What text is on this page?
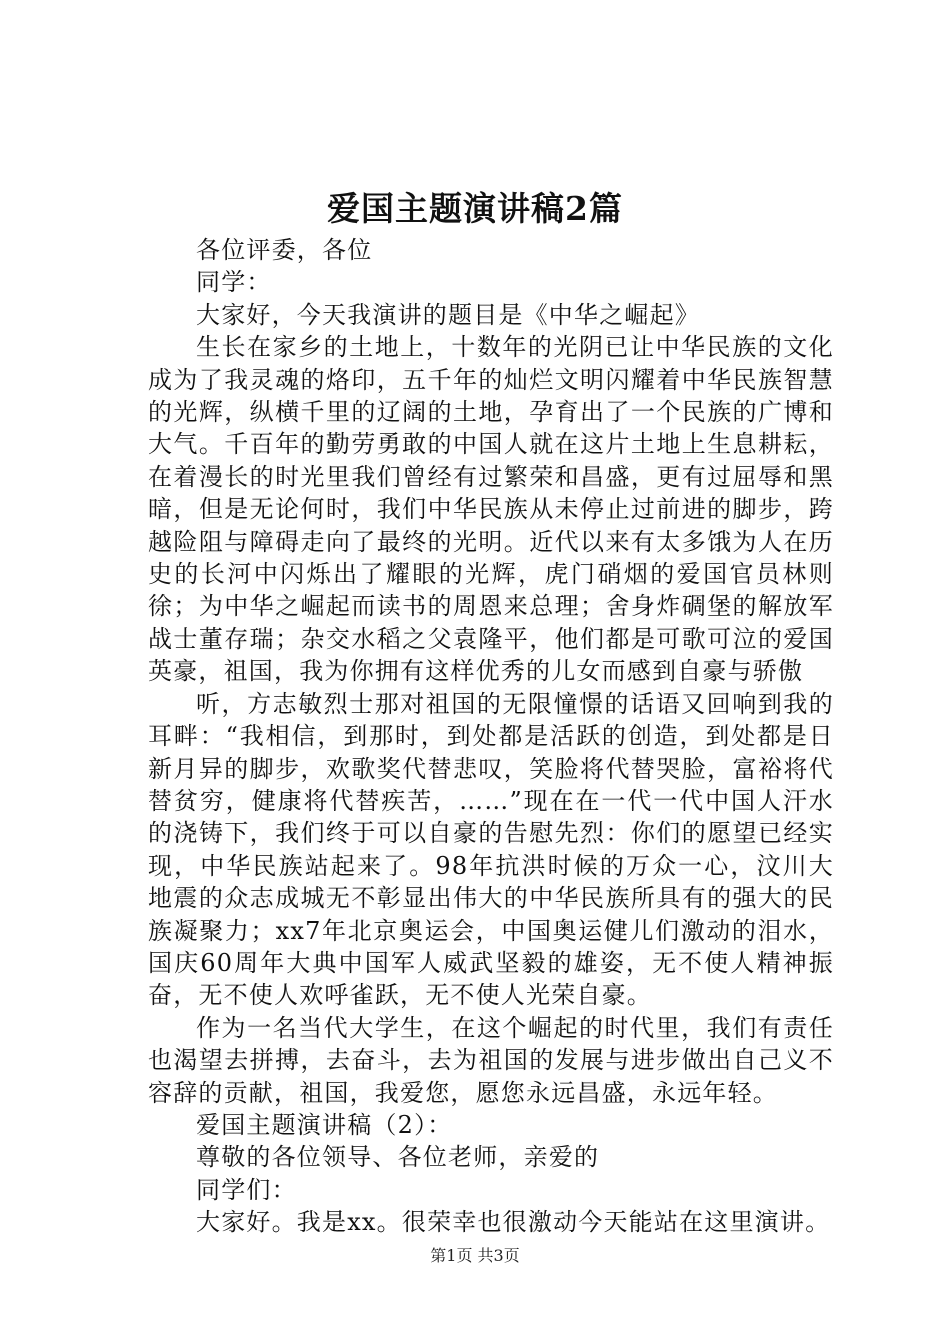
爱国主题演讲稿2篇

各位评委，各位

同学：

大家好，今天我演讲的题目是《中华之崛起》

生长在家乡的土地上，十数年的光阴已让中华民族的文化成为了我灵魂的烙印，五千年的灿烂文明闪耀着中华民族智慧的光辉，纵横千里的辽阔的土地，孕育出了一个民族的广博和大气。千百年的勤劳勇敢的中国人就在这片土地上生息耕耘，在着漫长的时光里我们曾经有过繁荣和昌盛，更有过屈辱和黑暗，但是无论何时，我们中华民族从未停止过前进的脚步，跨越险阻与障碍走向了最终的光明。近代以来有太多饿为人在历史的长河中闪烁出了耀眼的光辉，虎门硝烟的爱国官员林则徐；为中华之崛起而读书的周恩来总理；舍身炸碉堡的解放军战士董存瑞；杂交水稻之父袁隆平，他们都是可歌可泣的爱国英豪，祖国，我为你拥有这样优秀的儿女而感到自豪与骄傲

听，方志敏烈士那对祖国的无限憧憬的话语又回响到我的耳畔：“我相信，到那时，到处都是活跃的创造，到处都是日新月异的脚步，欢歌奖代替悲叹，笑脸将代替哭脸，富裕将代替贫穷，健康将代替疾苦，……”现在在一代一代中国人汗水的浇铸下，我们终于可以自豪的告慰先烈：你们的愿望已经实现，中华民族站起来了。98年抗洪时候的万众一心，汶川大地震的众志成城无不彰显出伟大的中华民族所具有的强大的民族凝聚力；xx7年北京奥运会，中国奥运健儿们激动的泪水，国庆60周年大典中国军人威武坚毅的雄姿，无不使人精神振奋，无不使人欢呼雀跃，无不使人光荣自豪。

作为一名当代大学生，在这个崛起的时代里，我们有责任也渴望去拼搏，去奋斗，去为祖国的发展与进步做出自己义不容辞的贡献，祖国，我爱您，愿您永远昌盛，永远年轻。

爱国主题演讲稿（2）：

尊敬的各位领导、各位老师，亲爱的

同学们：

大家好。我是xx。很荣幸也很激动今天能站在这里演讲。

第1页 共3页
